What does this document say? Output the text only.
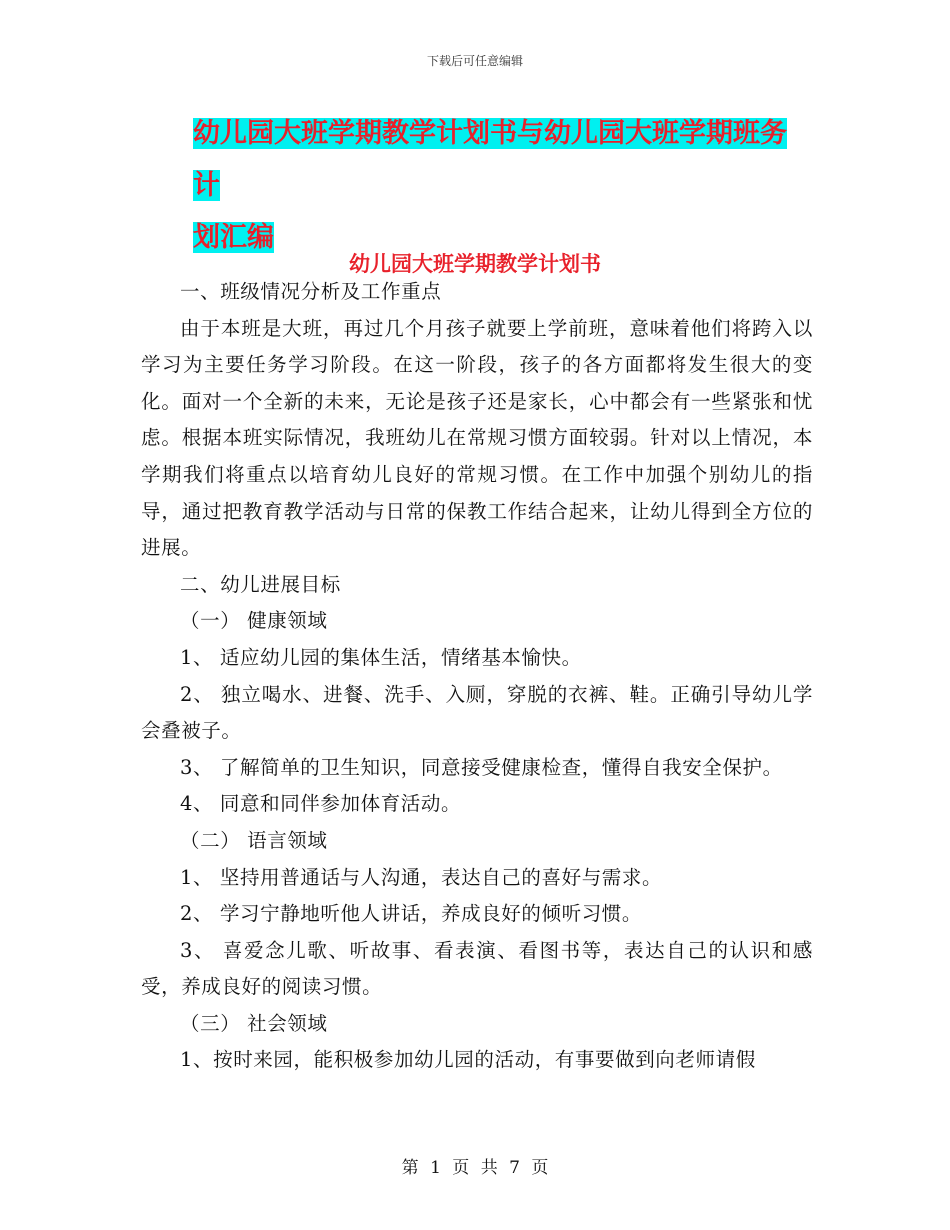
下载后可任意编辑
幼儿园大班学期教学计划书与幼儿园大班学期班务计
划汇编
幼儿园大班学期教学计划书

一、班级情况分析及工作重点

由于本班是大班，再过几个月孩子就要上学前班，意味着他们将跨入以学习为主要任务学习阶段。在这一阶段，孩子的各方面都将发生很大的变化。面对一个全新的未来，无论是孩子还是家长，心中都会有一些紧张和忧虑。根据本班实际情况，我班幼儿在常规习惯方面较弱。针对以上情况，本学期我们将重点以培育幼儿良好的常规习惯。在工作中加强个别幼儿的指导，通过把教育教学活动与日常的保教工作结合起来，让幼儿得到全方位的进展。

二、幼儿进展目标

（一） 健康领域

1、 适应幼儿园的集体生活，情绪基本愉快。

2、 独立喝水、进餐、洗手、入厕，穿脱的衣裤、鞋。正确引导幼儿学会叠被子。

3、 了解简单的卫生知识，同意接受健康检查，懂得自我安全保护。

4、 同意和同伴参加体育活动。

（二） 语言领域

1、 坚持用普通话与人沟通，表达自己的喜好与需求。

2、 学习宁静地听他人讲话，养成良好的倾听习惯。

3、 喜爱念儿歌、听故事、看表演、看图书等，表达自己的认识和感受，养成良好的阅读习惯。

（三） 社会领域

1、按时来园，能积极参加幼儿园的活动，有事要做到向老师请假

第 1 页 共 7 页
